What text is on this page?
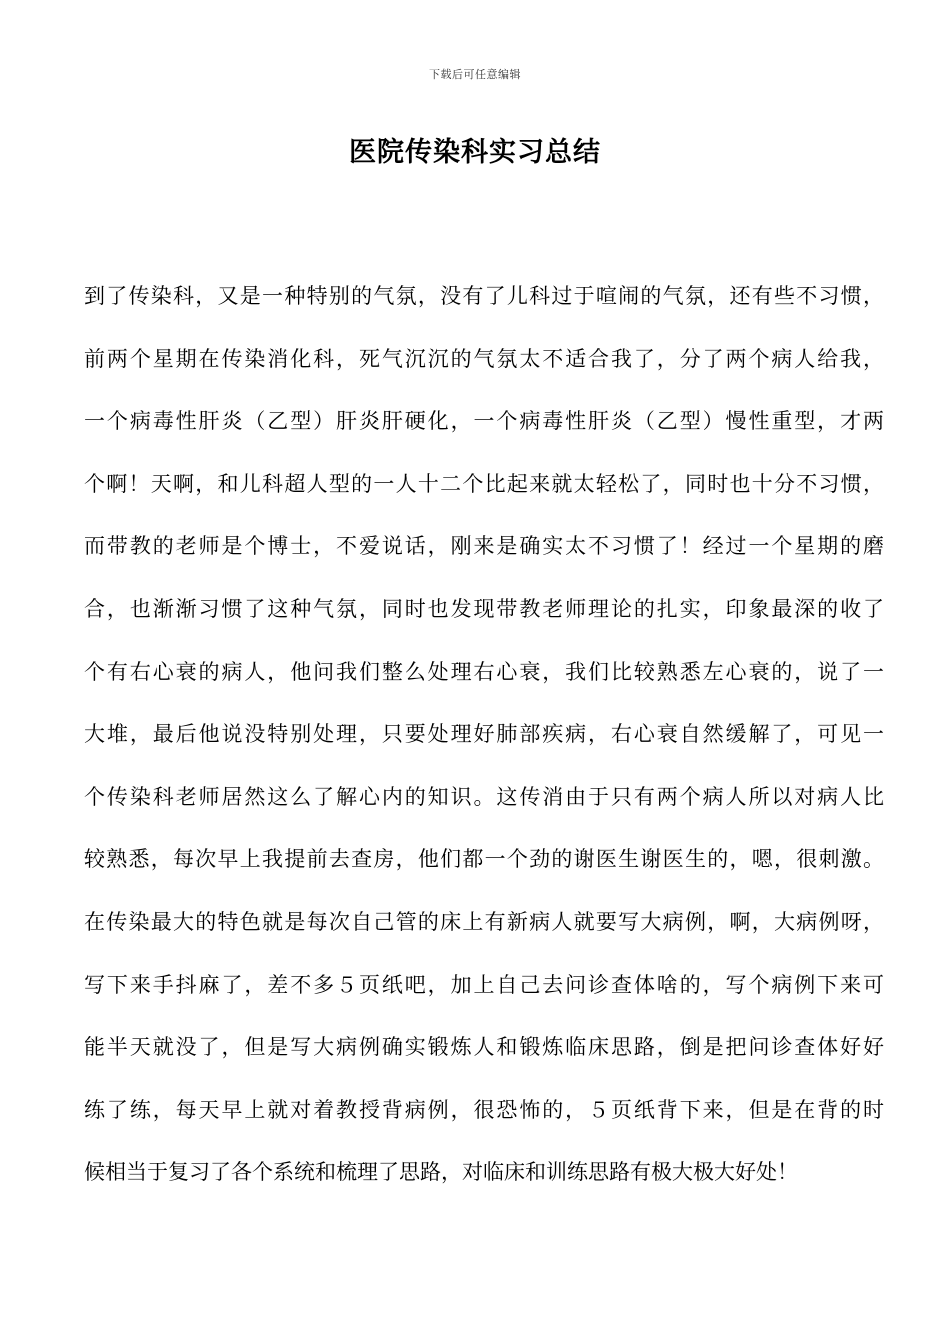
下载后可任意编辑
医院传染科实习总结
到了传染科，又是一种特别的气氛，没有了儿科过于喧闹的气氛，还有些不习惯，
前两个星期在传染消化科，死气沉沉的气氛太不适合我了，分了两个病人给我，
一个病毒性肝炎（乙型）肝炎肝硬化，一个病毒性肝炎（乙型）慢性重型，才两
个啊！天啊，和儿科超人型的一人十二个比起来就太轻松了，同时也十分不习惯，
而带教的老师是个博士，不爱说话，刚来是确实太不习惯了！经过一个星期的磨
合，也渐渐习惯了这种气氛，同时也发现带教老师理论的扎实，印象最深的收了
个有右心衰的病人，他问我们整么处理右心衰，我们比较熟悉左心衰的，说了一
大堆，最后他说没特别处理，只要处理好肺部疾病，右心衰自然缓解了，可见一
个传染科老师居然这么了解心内的知识。这传消由于只有两个病人所以对病人比
较熟悉，每次早上我提前去查房，他们都一个劲的谢医生谢医生的，嗯，很刺激。
在传染最大的特色就是每次自己管的床上有新病人就要写大病例，啊，大病例呀，
写下来手抖麻了，差不多５页纸吧，加上自己去问诊查体啥的，写个病例下来可
能半天就没了，但是写大病例确实锻炼人和锻炼临床思路，倒是把问诊查体好好
练了练，每天早上就对着教授背病例，很恐怖的，５页纸背下来，但是在背的时
候相当于复习了各个系统和梳理了思路，对临床和训练思路有极大极大好处！
